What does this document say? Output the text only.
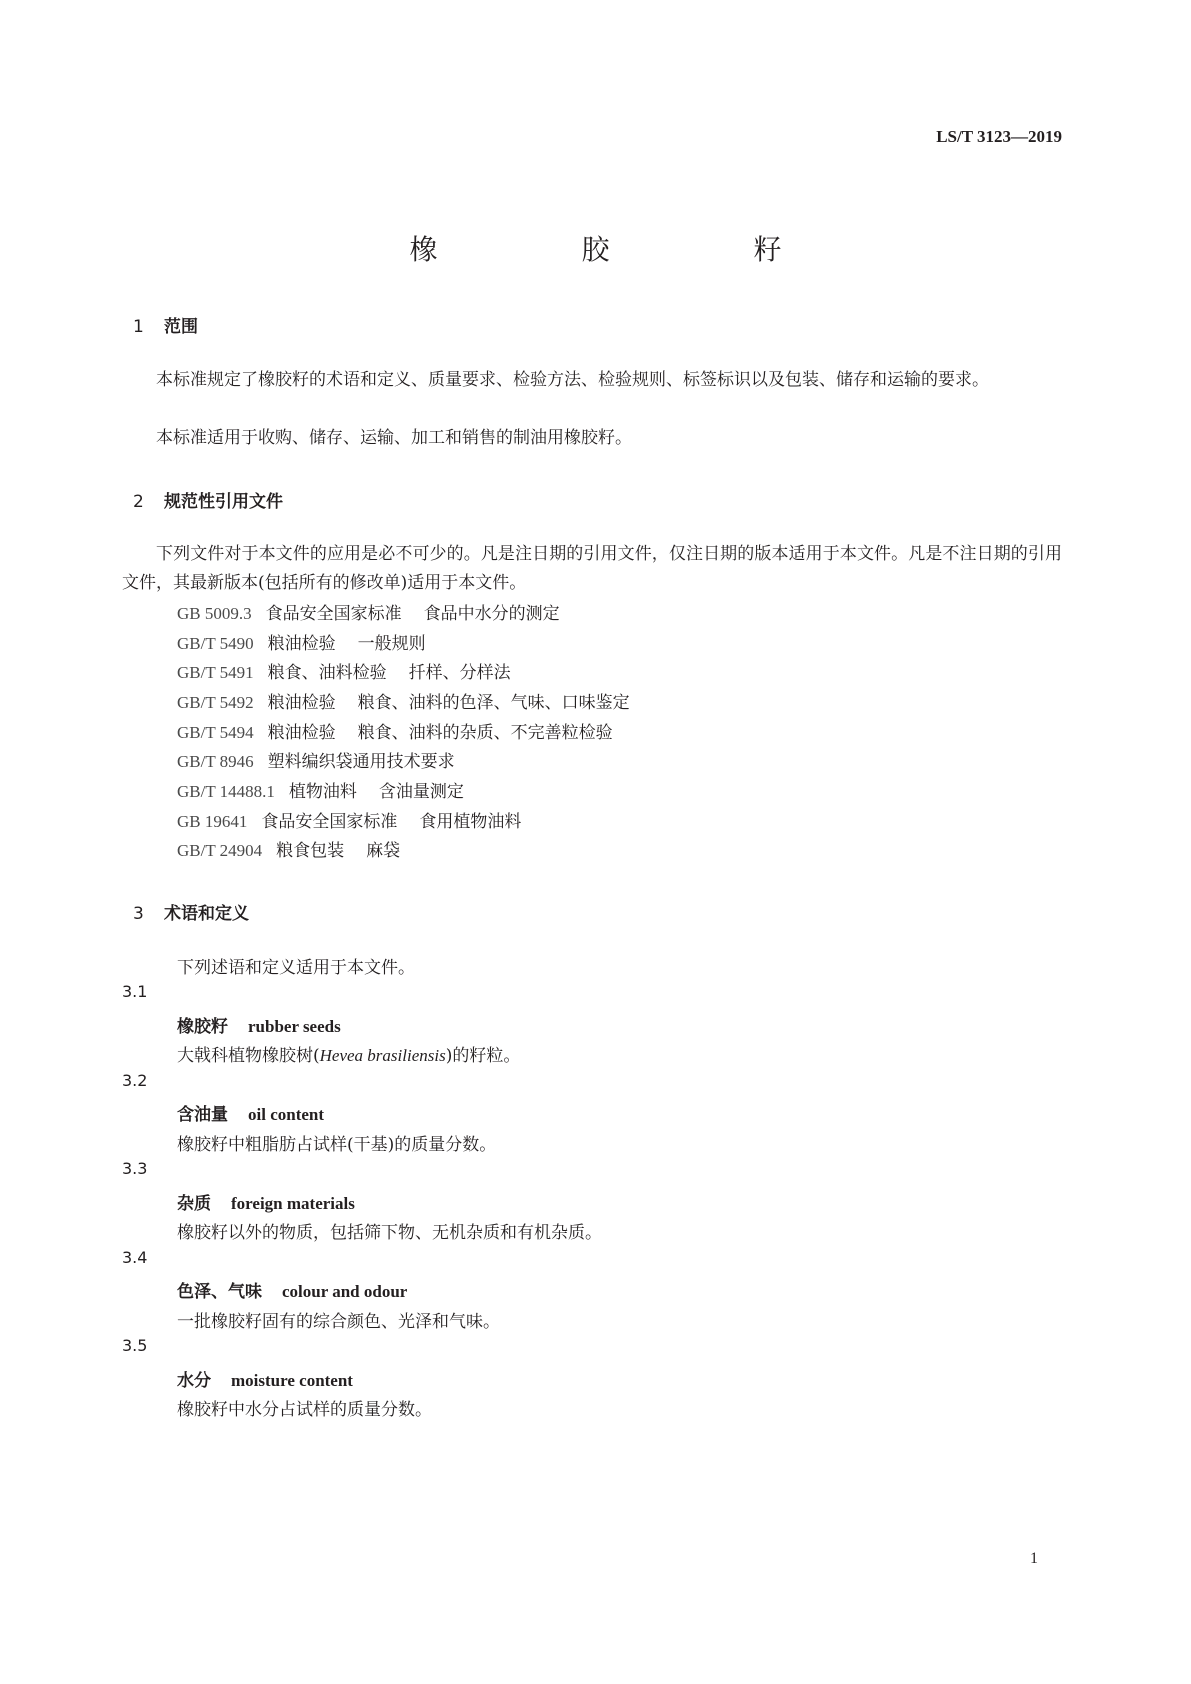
LS/T 3123—2019
橡　胶　籽
1 范围
本标准规定了橡胶籽的术语和定义、质量要求、检验方法、检验规则、标签标识以及包装、储存和运输的要求。
本标准适用于收购、储存、运输、加工和销售的制油用橡胶籽。
2 规范性引用文件
下列文件对于本文件的应用是必不可少的。凡是注日期的引用文件，仅注日期的版本适用于本文件。凡是不注日期的引用文件，其最新版本(包括所有的修改单)适用于本文件。
GB 5009.3 食品安全国家标准 食品中水分的测定
GB/T 5490 粮油检验 一般规则
GB/T 5491 粮食、油料检验 扦样、分样法
GB/T 5492 粮油检验 粮食、油料的色泽、气味、口味鉴定
GB/T 5494 粮油检验 粮食、油料的杂质、不完善粒检验
GB/T 8946 塑料编织袋通用技术要求
GB/T 14488.1 植物油料 含油量测定
GB 19641 食品安全国家标准 食用植物油料
GB/T 24904 粮食包装 麻袋
3 术语和定义
下列述语和定义适用于本文件。
3.1
橡胶籽 rubber seeds
大戟科植物橡胶树(Hevea brasiliensis)的籽粒。
3.2
含油量 oil content
橡胶籽中粗脂肪占试样(干基)的质量分数。
3.3
杂质 foreign materials
橡胶籽以外的物质，包括筛下物、无机杂质和有机杂质。
3.4
色泽、气味 colour and odour
一批橡胶籽固有的综合颜色、光泽和气味。
3.5
水分 moisture content
橡胶籽中水分占试样的质量分数。
1
